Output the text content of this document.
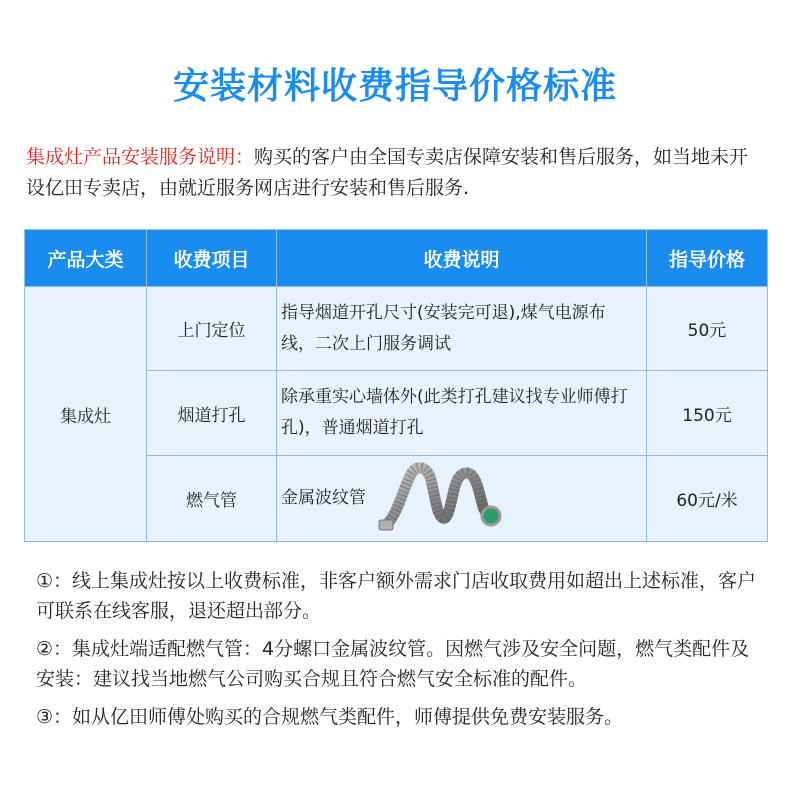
安装材料收费指导价格标准
集成灶产品安装服务说明：购买的客户由全国专卖店保障安装和售后服务，如当地未开设亿田专卖店，由就近服务网店进行安装和售后服务.
产品大类	收费项目	收费说明	指导价格
集成灶	上门定位	指导烟道开孔尺寸(安装完可退),煤气电源布线，二次上门服务调试	50元
	烟道打孔	除承重实心墙体外(此类打孔建议找专业师傅打孔)，普通烟道打孔	150元
	燃气管	金属波纹管	60元/米

①：线上集成灶按以上收费标准，非客户额外需求门店收取费用如超出上述标准，客户可联系在线客服，退还超出部分。

②：集成灶端适配燃气管：4分螺口金属波纹管。因燃气涉及安全问题，燃气类配件及安装：建议找当地燃气公司购买合规且符合燃气安全标准的配件。

③：如从亿田师傅处购买的合规燃气类配件，师傅提供免费安装服务。
